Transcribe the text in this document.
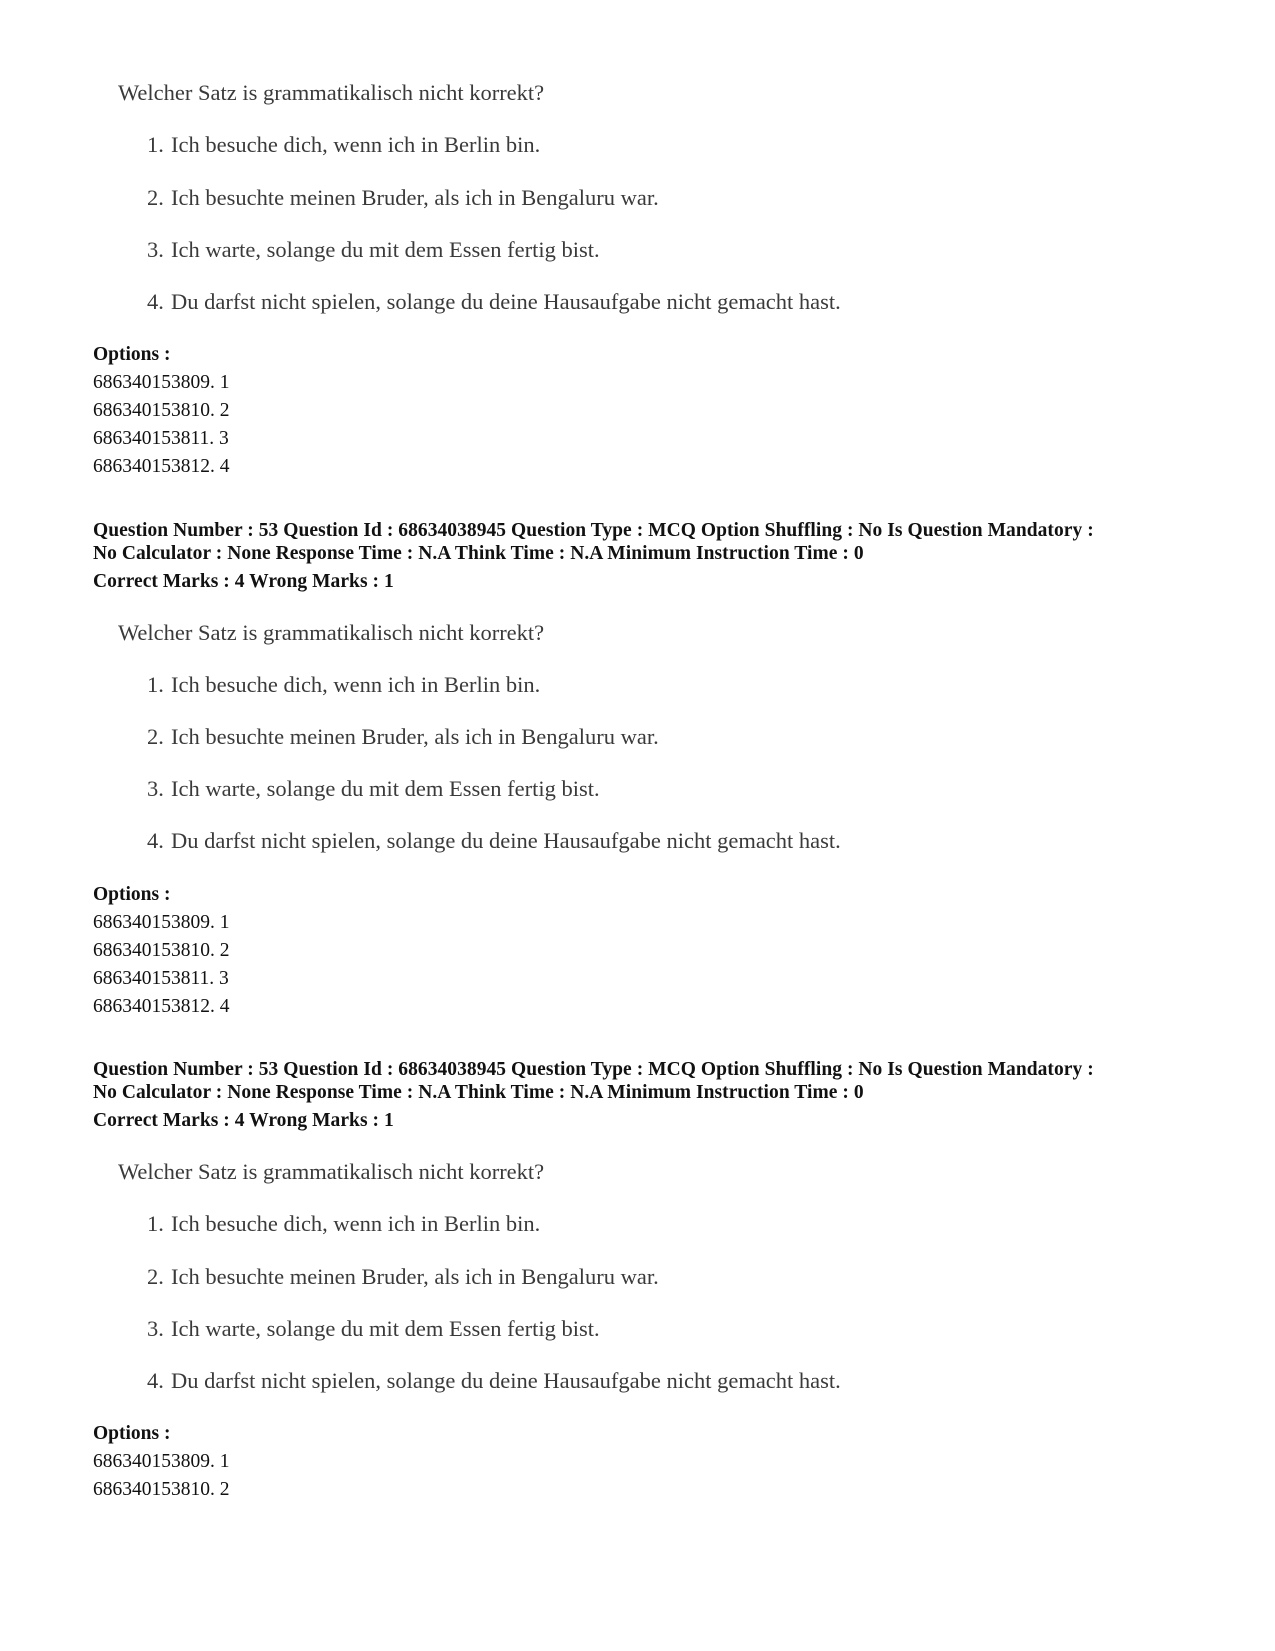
Welcher Satz is grammatikalisch nicht korrekt?
1. Ich besuche dich, wenn ich in Berlin bin.
2. Ich besuchte meinen Bruder, als ich in Bengaluru war.
3. Ich warte, solange du mit dem Essen fertig bist.
4. Du darfst nicht spielen, solange du deine Hausaufgabe nicht gemacht hast.
Options :
686340153809. 1
686340153810. 2
686340153811. 3
686340153812. 4
Question Number : 53 Question Id : 68634038945 Question Type : MCQ Option Shuffling : No Is Question Mandatory :
No Calculator : None Response Time : N.A Think Time : N.A Minimum Instruction Time : 0
Correct Marks : 4 Wrong Marks : 1
Welcher Satz is grammatikalisch nicht korrekt?
1. Ich besuche dich, wenn ich in Berlin bin.
2. Ich besuchte meinen Bruder, als ich in Bengaluru war.
3. Ich warte, solange du mit dem Essen fertig bist.
4. Du darfst nicht spielen, solange du deine Hausaufgabe nicht gemacht hast.
Options :
686340153809. 1
686340153810. 2
686340153811. 3
686340153812. 4
Question Number : 53 Question Id : 68634038945 Question Type : MCQ Option Shuffling : No Is Question Mandatory :
No Calculator : None Response Time : N.A Think Time : N.A Minimum Instruction Time : 0
Correct Marks : 4 Wrong Marks : 1
Welcher Satz is grammatikalisch nicht korrekt?
1. Ich besuche dich, wenn ich in Berlin bin.
2. Ich besuchte meinen Bruder, als ich in Bengaluru war.
3. Ich warte, solange du mit dem Essen fertig bist.
4. Du darfst nicht spielen, solange du deine Hausaufgabe nicht gemacht hast.
Options :
686340153809. 1
686340153810. 2
